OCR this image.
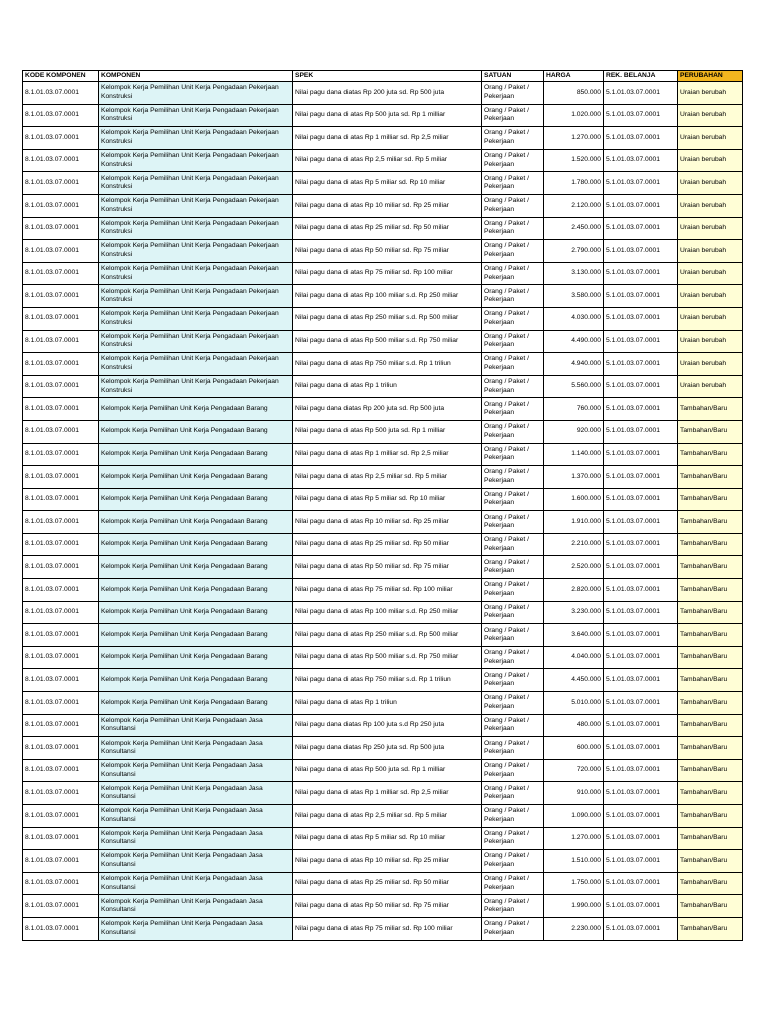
KODE KOMPONEN	KOMPONEN	SPEK	SATUAN	HARGA	REK. BELANJA	PERUBAHAN
8.1.01.03.07.0001	Kelompok Kerja Pemilihan Unit Kerja Pengadaan Pekerjaan Konstruksi	Nilai pagu dana diatas Rp 200 juta sd. Rp 500 juta	Orang / Paket / Pekerjaan	850.000	5.1.01.03.07.0001	Uraian berubah
8.1.01.03.07.0001	Kelompok Kerja Pemilihan Unit Kerja Pengadaan Pekerjaan Konstruksi	Nilai pagu dana di atas Rp 500 juta sd. Rp 1 milliar	Orang / Paket / Pekerjaan	1.020.000	5.1.01.03.07.0001	Uraian berubah
8.1.01.03.07.0001	Kelompok Kerja Pemilihan Unit Kerja Pengadaan Pekerjaan Konstruksi	Nilai pagu dana di atas Rp 1 milliar sd. Rp 2,5 miliar	Orang / Paket / Pekerjaan	1.270.000	5.1.01.03.07.0001	Uraian berubah
8.1.01.03.07.0001	Kelompok Kerja Pemilihan Unit Kerja Pengadaan Pekerjaan Konstruksi	Nilai pagu dana di atas Rp 2,5 miliar sd. Rp 5 miliar	Orang / Paket / Pekerjaan	1.520.000	5.1.01.03.07.0001	Uraian berubah
8.1.01.03.07.0001	Kelompok Kerja Pemilihan Unit Kerja Pengadaan Pekerjaan Konstruksi	Nilai pagu dana di atas Rp 5 miliar sd. Rp 10 miliar	Orang / Paket / Pekerjaan	1.780.000	5.1.01.03.07.0001	Uraian berubah
8.1.01.03.07.0001	Kelompok Kerja Pemilihan Unit Kerja Pengadaan Pekerjaan Konstruksi	Nilai pagu dana di atas Rp 10 miliar sd. Rp 25 miliar	Orang / Paket / Pekerjaan	2.120.000	5.1.01.03.07.0001	Uraian berubah
8.1.01.03.07.0001	Kelompok Kerja Pemilihan Unit Kerja Pengadaan Pekerjaan Konstruksi	Nilai pagu dana di atas Rp 25 miliar sd. Rp 50 miliar	Orang / Paket / Pekerjaan	2.450.000	5.1.01.03.07.0001	Uraian berubah
8.1.01.03.07.0001	Kelompok Kerja Pemilihan Unit Kerja Pengadaan Pekerjaan Konstruksi	Nilai pagu dana di atas Rp 50 miliar sd. Rp 75 miliar	Orang / Paket / Pekerjaan	2.790.000	5.1.01.03.07.0001	Uraian berubah
8.1.01.03.07.0001	Kelompok Kerja Pemilihan Unit Kerja Pengadaan Pekerjaan Konstruksi	Nilai pagu dana di atas Rp 75 miliar sd. Rp 100 miliar	Orang / Paket / Pekerjaan	3.130.000	5.1.01.03.07.0001	Uraian berubah
8.1.01.03.07.0001	Kelompok Kerja Pemilihan Unit Kerja Pengadaan Pekerjaan Konstruksi	Nilai pagu dana di atas Rp 100 miliar s.d. Rp 250 miliar	Orang / Paket / Pekerjaan	3.580.000	5.1.01.03.07.0001	Uraian berubah
8.1.01.03.07.0001	Kelompok Kerja Pemilihan Unit Kerja Pengadaan Pekerjaan Konstruksi	Nilai pagu dana di atas Rp 250 miliar s.d. Rp 500 miliar	Orang / Paket / Pekerjaan	4.030.000	5.1.01.03.07.0001	Uraian berubah
8.1.01.03.07.0001	Kelompok Kerja Pemilihan Unit Kerja Pengadaan Pekerjaan Konstruksi	Nilai pagu dana di atas Rp 500 miliar s.d. Rp 750 miliar	Orang / Paket / Pekerjaan	4.490.000	5.1.01.03.07.0001	Uraian berubah
8.1.01.03.07.0001	Kelompok Kerja Pemilihan Unit Kerja Pengadaan Pekerjaan Konstruksi	Nilai pagu dana di atas Rp 750 miliar s.d. Rp 1 triliun	Orang / Paket / Pekerjaan	4.940.000	5.1.01.03.07.0001	Uraian berubah
8.1.01.03.07.0001	Kelompok Kerja Pemilihan Unit Kerja Pengadaan Pekerjaan Konstruksi	Nilai pagu dana di atas Rp 1 triliun	Orang / Paket / Pekerjaan	5.560.000	5.1.01.03.07.0001	Uraian berubah
8.1.01.03.07.0001	Kelompok Kerja Pemilihan Unit Kerja Pengadaan Barang	Nilai pagu dana diatas Rp 200 juta sd. Rp 500 juta	Orang / Paket / Pekerjaan	760.000	5.1.01.03.07.0001	Tambahan/Baru
8.1.01.03.07.0001	Kelompok Kerja Pemilihan Unit Kerja Pengadaan Barang	Nilai pagu dana di atas Rp 500 juta sd. Rp 1 milliar	Orang / Paket / Pekerjaan	920.000	5.1.01.03.07.0001	Tambahan/Baru
8.1.01.03.07.0001	Kelompok Kerja Pemilihan Unit Kerja Pengadaan Barang	Nilai pagu dana di atas Rp 1 milliar sd. Rp 2,5 miliar	Orang / Paket / Pekerjaan	1.140.000	5.1.01.03.07.0001	Tambahan/Baru
8.1.01.03.07.0001	Kelompok Kerja Pemilihan Unit Kerja Pengadaan Barang	Nilai pagu dana di atas Rp 2,5 miliar sd. Rp 5 miliar	Orang / Paket / Pekerjaan	1.370.000	5.1.01.03.07.0001	Tambahan/Baru
8.1.01.03.07.0001	Kelompok Kerja Pemilihan Unit Kerja Pengadaan Barang	Nilai pagu dana di atas Rp 5 miliar sd. Rp 10 miliar	Orang / Paket / Pekerjaan	1.600.000	5.1.01.03.07.0001	Tambahan/Baru
8.1.01.03.07.0001	Kelompok Kerja Pemilihan Unit Kerja Pengadaan Barang	Nilai pagu dana di atas Rp 10 miliar sd. Rp 25 miliar	Orang / Paket / Pekerjaan	1.910.000	5.1.01.03.07.0001	Tambahan/Baru
8.1.01.03.07.0001	Kelompok Kerja Pemilihan Unit Kerja Pengadaan Barang	Nilai pagu dana di atas Rp 25 miliar sd. Rp 50 miliar	Orang / Paket / Pekerjaan	2.210.000	5.1.01.03.07.0001	Tambahan/Baru
8.1.01.03.07.0001	Kelompok Kerja Pemilihan Unit Kerja Pengadaan Barang	Nilai pagu dana di atas Rp 50 miliar sd. Rp 75 miliar	Orang / Paket / Pekerjaan	2.520.000	5.1.01.03.07.0001	Tambahan/Baru
8.1.01.03.07.0001	Kelompok Kerja Pemilihan Unit Kerja Pengadaan Barang	Nilai pagu dana di atas Rp 75 miliar sd. Rp 100 miliar	Orang / Paket / Pekerjaan	2.820.000	5.1.01.03.07.0001	Tambahan/Baru
8.1.01.03.07.0001	Kelompok Kerja Pemilihan Unit Kerja Pengadaan Barang	Nilai pagu dana di atas Rp 100 miliar s.d. Rp 250 miliar	Orang / Paket / Pekerjaan	3.230.000	5.1.01.03.07.0001	Tambahan/Baru
8.1.01.03.07.0001	Kelompok Kerja Pemilihan Unit Kerja Pengadaan Barang	Nilai pagu dana di atas Rp 250 miliar s.d. Rp 500 miliar	Orang / Paket / Pekerjaan	3.640.000	5.1.01.03.07.0001	Tambahan/Baru
8.1.01.03.07.0001	Kelompok Kerja Pemilihan Unit Kerja Pengadaan Barang	Nilai pagu dana di atas Rp 500 miliar s.d. Rp 750 miliar	Orang / Paket / Pekerjaan	4.040.000	5.1.01.03.07.0001	Tambahan/Baru
8.1.01.03.07.0001	Kelompok Kerja Pemilihan Unit Kerja Pengadaan Barang	Nilai pagu dana di atas Rp 750 miliar s.d. Rp 1 triliun	Orang / Paket / Pekerjaan	4.450.000	5.1.01.03.07.0001	Tambahan/Baru
8.1.01.03.07.0001	Kelompok Kerja Pemilihan Unit Kerja Pengadaan Barang	Nilai pagu dana di atas Rp 1 triliun	Orang / Paket / Pekerjaan	5.010.000	5.1.01.03.07.0001	Tambahan/Baru
8.1.01.03.07.0001	Kelompok Kerja Pemilihan Unit Kerja Pengadaan Jasa Konsultansi	Nilai pagu dana diatas Rp 100 juta s.d Rp 250 juta	Orang / Paket / Pekerjaan	480.000	5.1.01.03.07.0001	Tambahan/Baru
8.1.01.03.07.0001	Kelompok Kerja Pemilihan Unit Kerja Pengadaan Jasa Konsultansi	Nilai pagu dana diatas Rp 250 juta sd. Rp 500 juta	Orang / Paket / Pekerjaan	600.000	5.1.01.03.07.0001	Tambahan/Baru
8.1.01.03.07.0001	Kelompok Kerja Pemilihan Unit Kerja Pengadaan Jasa Konsultansi	Nilai pagu dana di atas Rp 500 juta sd. Rp 1 milliar	Orang / Paket / Pekerjaan	720.000	5.1.01.03.07.0001	Tambahan/Baru
8.1.01.03.07.0001	Kelompok Kerja Pemilihan Unit Kerja Pengadaan Jasa Konsultansi	Nilai pagu dana di atas Rp 1 milliar sd. Rp 2,5 miliar	Orang / Paket / Pekerjaan	910.000	5.1.01.03.07.0001	Tambahan/Baru
8.1.01.03.07.0001	Kelompok Kerja Pemilihan Unit Kerja Pengadaan Jasa Konsultansi	Nilai pagu dana di atas Rp 2,5 miliar sd. Rp 5 miliar	Orang / Paket / Pekerjaan	1.090.000	5.1.01.03.07.0001	Tambahan/Baru
8.1.01.03.07.0001	Kelompok Kerja Pemilihan Unit Kerja Pengadaan Jasa Konsultansi	Nilai pagu dana di atas Rp 5 miliar sd. Rp 10 miliar	Orang / Paket / Pekerjaan	1.270.000	5.1.01.03.07.0001	Tambahan/Baru
8.1.01.03.07.0001	Kelompok Kerja Pemilihan Unit Kerja Pengadaan Jasa Konsultansi	Nilai pagu dana di atas Rp 10 miliar sd. Rp 25 miliar	Orang / Paket / Pekerjaan	1.510.000	5.1.01.03.07.0001	Tambahan/Baru
8.1.01.03.07.0001	Kelompok Kerja Pemilihan Unit Kerja Pengadaan Jasa Konsultansi	Nilai pagu dana di atas Rp 25 miliar sd. Rp 50 miliar	Orang / Paket / Pekerjaan	1.750.000	5.1.01.03.07.0001	Tambahan/Baru
8.1.01.03.07.0001	Kelompok Kerja Pemilihan Unit Kerja Pengadaan Jasa Konsultansi	Nilai pagu dana di atas Rp 50 miliar sd. Rp 75 miliar	Orang / Paket / Pekerjaan	1.990.000	5.1.01.03.07.0001	Tambahan/Baru
8.1.01.03.07.0001	Kelompok Kerja Pemilihan Unit Kerja Pengadaan Jasa Konsultansi	Nilai pagu dana di atas Rp 75 miliar sd. Rp 100 miliar	Orang / Paket / Pekerjaan	2.230.000	5.1.01.03.07.0001	Tambahan/Baru
